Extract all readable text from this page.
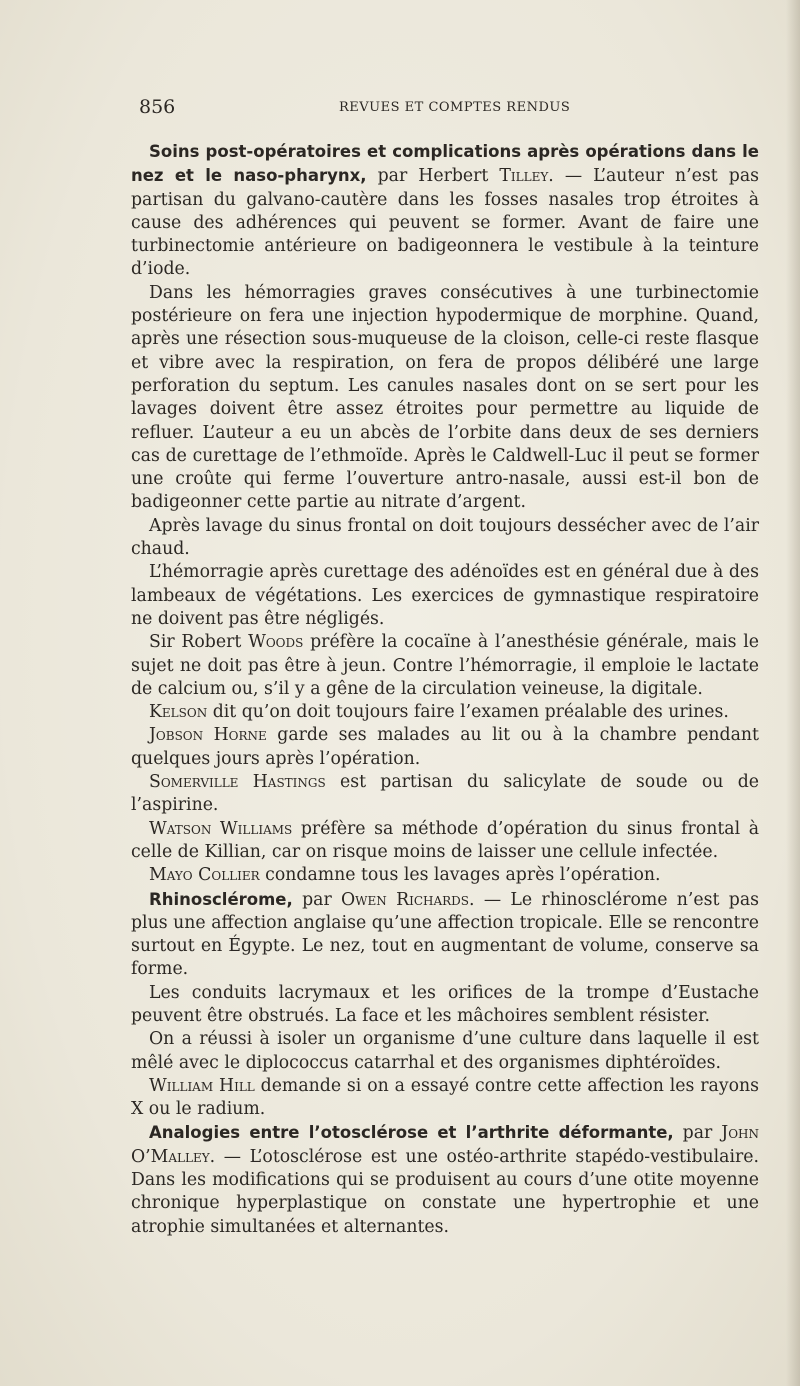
856	REVUES ET COMPTES RENDUS

Soins post-opératoires et complications après opérations dans le nez et le naso-pharynx, par Herbert Tilley. — L’auteur n’est pas partisan du galvano-cautère dans les fosses nasales trop étroites à cause des adhérences qui peuvent se former. Avant de faire une turbinectomie antérieure on badigeonnera le vestibule à la teinture d’iode.

Dans les hémorragies graves consécutives à une turbinectomie postérieure on fera une injection hypodermique de morphine. Quand, après une résection sous-muqueuse de la cloison, celle-ci reste flasque et vibre avec la respiration, on fera de propos délibéré une large perforation du septum. Les canules nasales dont on se sert pour les lavages doivent être assez étroites pour permettre au liquide de refluer. L’auteur a eu un abcès de l’orbite dans deux de ses derniers cas de curettage de l’ethmoïde. Après le Caldwell-Luc il peut se former une croûte qui ferme l’ouverture antro-nasale, aussi est-il bon de badigeonner cette partie au nitrate d’argent.

Après lavage du sinus frontal on doit toujours dessécher avec de l’air chaud.

L’hémorragie après curettage des adénoïdes est en général due à des lambeaux de végétations. Les exercices de gymnastique respiratoire ne doivent pas être négligés.

Sir Robert Woods préfère la cocaïne à l’anesthésie générale, mais le sujet ne doit pas être à jeun. Contre l’hémorragie, il emploie le lactate de calcium ou, s’il y a gêne de la circulation veineuse, la digitale.

Kelson dit qu’on doit toujours faire l’examen préalable des urines.

Jobson Horne garde ses malades au lit ou à la chambre pendant quelques jours après l’opération.

Somerville Hastings est partisan du salicylate de soude ou de l’aspirine.

Watson Williams préfère sa méthode d’opération du sinus frontal à celle de Killian, car on risque moins de laisser une cellule infectée.

Mayo Collier condamne tous les lavages après l’opération.

Rhinosclérome, par Owen Richards. — Le rhinosclérome n’est pas plus une affection anglaise qu’une affection tropicale. Elle se rencontre surtout en Égypte. Le nez, tout en augmentant de volume, conserve sa forme.

Les conduits lacrymaux et les orifices de la trompe d’Eustache peuvent être obstrués. La face et les mâchoires semblent résister.

On a réussi à isoler un organisme d’une culture dans laquelle il est mêlé avec le diplococcus catarrhal et des organismes diphtéroïdes.

William Hill demande si on a essayé contre cette affection les rayons X ou le radium.

Analogies entre l’otosclérose et l’arthrite déformante, par John O’Malley. — L’otosclérose est une ostéo-arthrite stapédo-vestibulaire. Dans les modifications qui se produisent au cours d’une otite moyenne chronique hyperplastique on constate une hypertrophie et une atrophie simultanées et alternantes.
